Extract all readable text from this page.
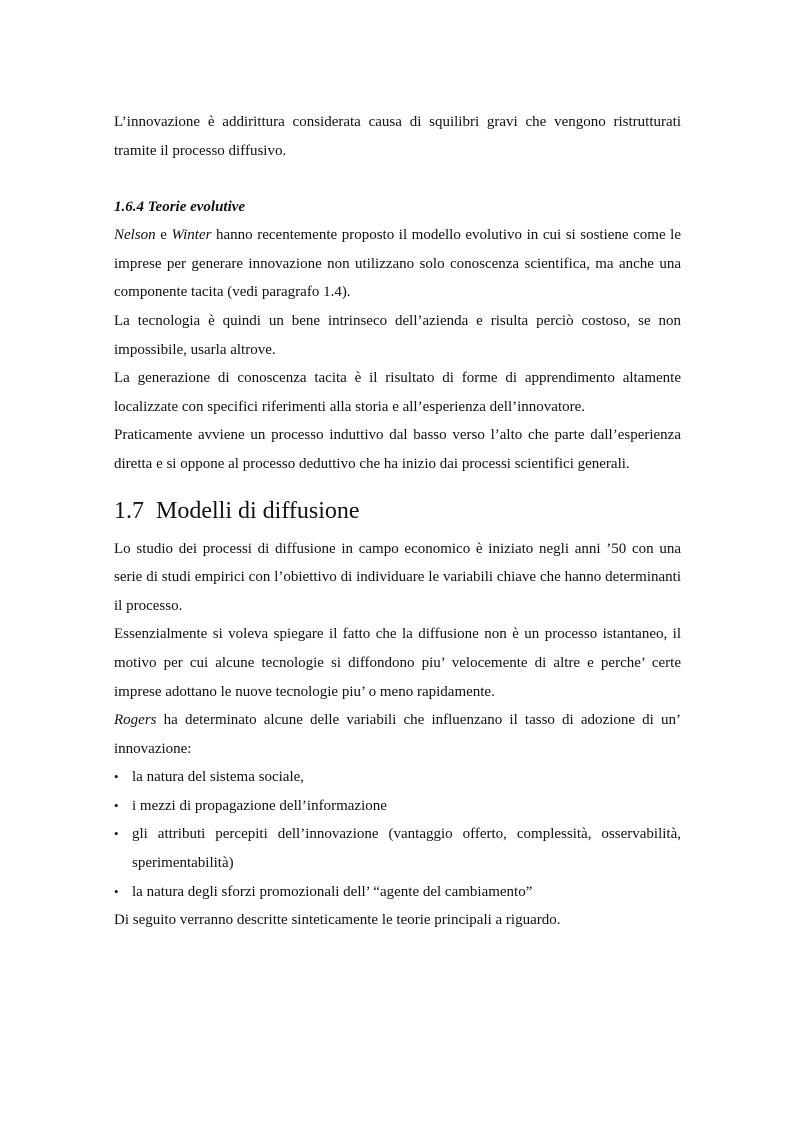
L’innovazione è addirittura considerata causa di squilibri gravi che vengono ristrutturati tramite il processo diffusivo.

1.6.4 Teorie evolutive

Nelson e Winter hanno recentemente proposto il modello evolutivo in cui si sostiene come le imprese per generare innovazione non utilizzano solo conoscenza scientifica, ma anche una componente tacita (vedi paragrafo 1.4).

La tecnologia è quindi un bene intrinseco dell’azienda e risulta perciò costoso, se non impossibile, usarla altrove.

La generazione di conoscenza tacita è il risultato di forme di apprendimento altamente localizzate con specifici riferimenti alla storia e all’esperienza dell’innovatore.

Praticamente avviene un processo induttivo dal basso verso l’alto che parte dall’esperienza diretta e si oppone al processo deduttivo che ha inizio dai processi scientifici generali.

1.7 Modelli di diffusione

Lo studio dei processi di diffusione in campo economico è iniziato negli anni ’50 con una serie di studi empirici con l’obiettivo di individuare le variabili chiave che hanno determinanti il processo.

Essenzialmente si voleva spiegare il fatto che la diffusione non è un processo istantaneo, il motivo per cui alcune tecnologie si diffondono piu’ velocemente di altre e perche’ certe imprese adottano le nuove tecnologie piu’ o meno rapidamente.

Rogers ha determinato alcune delle variabili che influenzano il tasso di adozione di un’ innovazione:

• la natura del sistema sociale,
• i mezzi di propagazione dell’informazione
• gli attributi percepiti dell’innovazione (vantaggio offerto, complessità, osservabilità, sperimentabilità)
• la natura degli sforzi promozionali dell’ “agente del cambiamento”

Di seguito verranno descritte sinteticamente le teorie principali a riguardo.
